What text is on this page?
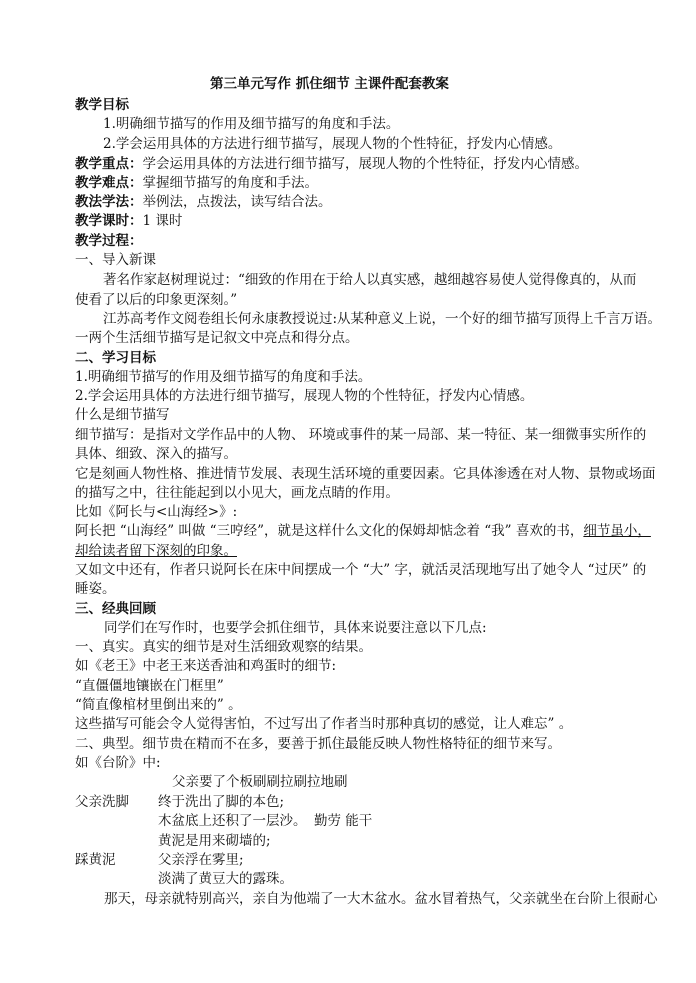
第三单元写作 抓住细节 主课件配套教案
教学目标
1.明确细节描写的作用及细节描写的角度和手法。
2.学会运用具体的方法进行细节描写，展现人物的个性特征，抒发内心情感。
教学重点：学会运用具体的方法进行细节描写，展现人物的个性特征，抒发内心情感。
教学难点：掌握细节描写的角度和手法。
教法学法：举例法，点拨法，读写结合法。
教学课时：1 课时
教学过程：
一、导入新课
著名作家赵树理说过：“细致的作用在于给人以真实感，越细越容易使人觉得像真的，从而
使看了以后的印象更深刻。”
江苏高考作文阅卷组长何永康教授说过:从某种意义上说，一个好的细节描写顶得上千言万语。
一两个生活细节描写是记叙文中亮点和得分点。
二、学习目标
1.明确细节描写的作用及细节描写的角度和手法。
2.学会运用具体的方法进行细节描写，展现人物的个性特征，抒发内心情感。
什么是细节描写
细节描写：是指对文学作品中的人物、 环境或事件的某一局部、某一特征、某一细微事实所作的
具体、细致、深入的描写。
它是刻画人物性格、推进情节发展、表现生活环境的重要因素。它具体渗透在对人物、景物或场面
的描写之中，往往能起到以小见大，画龙点睛的作用。
比如《阿长与<山海经>》:
阿长把 “山海经” 叫做 “三哼经”，就是这样什么文化的保姆却惦念着 “我” 喜欢的书，细节虽小，
却给读者留下深刻的印象。
又如文中还有，作者只说阿长在床中间摆成一个 “大” 字，就活灵活现地写出了她令人 “过厌” 的
睡姿。
三、经典回顾
同学们在写作时，也要学会抓住细节，具体来说要注意以下几点:
一、真实。真实的细节是对生活细致观察的结果。
如《老王》中老王来送香油和鸡蛋时的细节:
“直僵僵地镶嵌在门框里”
“简直像棺材里倒出来的” 。
这些描写可能会令人觉得害怕，不过写出了作者当时那种真切的感觉，让人难忘” 。
二、典型。细节贵在精而不在多，要善于抓住最能反映人物性格特征的细节来写。
如《台阶》中:
父亲要了个板刷刷拉刷拉地刷
父亲洗脚 终于洗出了脚的本色;
木盆底上还积了一层沙。 勤劳 能干
黄泥是用来砌墙的;
踩黄泥	父亲浮在雾里;
淡满了黄豆大的露珠。
那天，母亲就特别高兴，亲自为他端了一大木盆水。盆水冒着热气，父亲就坐在台阶上很耐心
